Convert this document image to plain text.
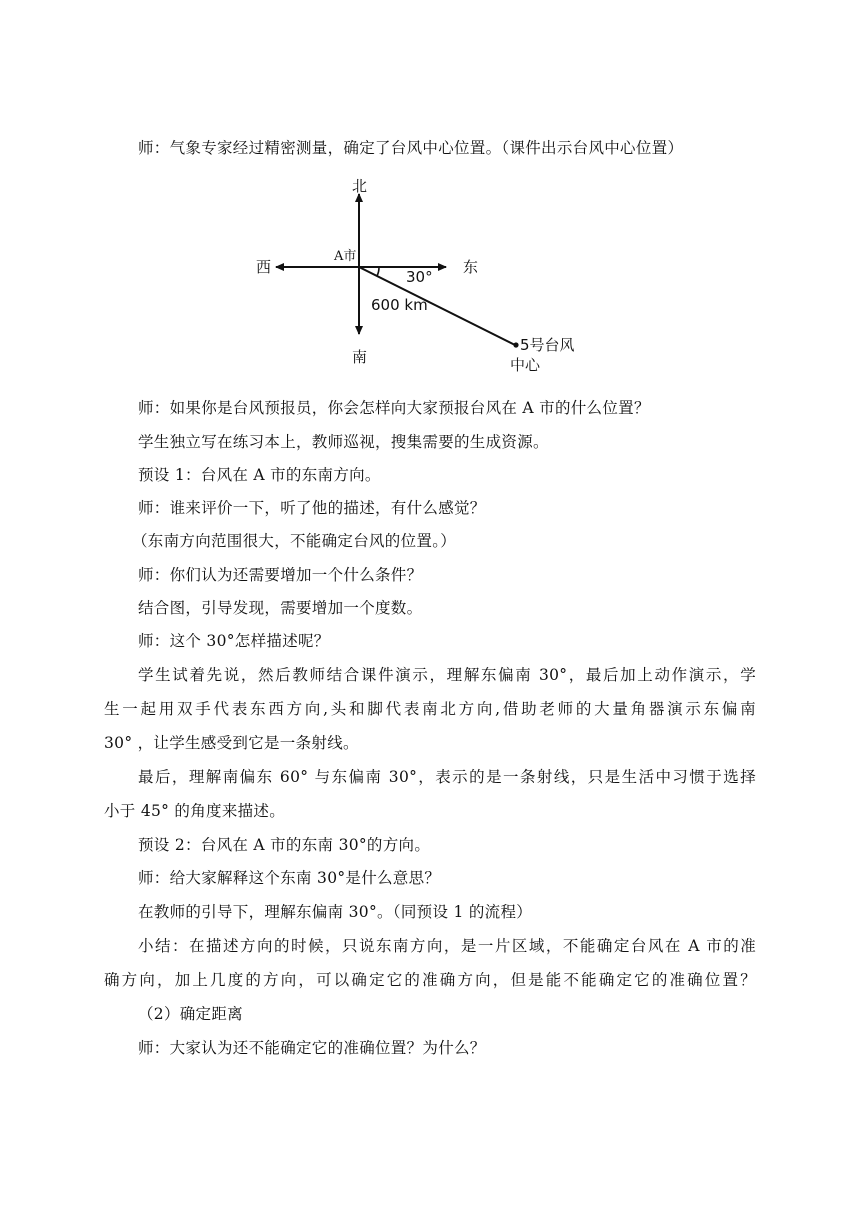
师：气象专家经过精密测量，确定了台风中心位置。（课件出示台风中心位置）
北
南
东
西
A市
30°
600 km
5号台风
中心
师：如果你是台风预报员，你会怎样向大家预报台风在 A 市的什么位置？
学生独立写在练习本上，教师巡视，搜集需要的生成资源。
预设 1：台风在 A 市的东南方向。
师：谁来评价一下，听了他的描述，有什么感觉？
（东南方向范围很大，不能确定台风的位置。）
师：你们认为还需要增加一个什么条件？
结合图，引导发现，需要增加一个度数。
师：这个 30°怎样描述呢？
学生试着先说，然后教师结合课件演示，理解东偏南 30°，最后加上动作演示，学
生一起用双手代表东西方向,头和脚代表南北方向,借助老师的大量角器演示东偏南
30° ，让学生感受到它是一条射线。
最后，理解南偏东 60° 与东偏南 30°，表示的是一条射线，只是生活中习惯于选择
小于 45° 的角度来描述。
预设 2：台风在 A 市的东南 30°的方向。
师：给大家解释这个东南 30°是什么意思？
在教师的引导下，理解东偏南 30°。（同预设 1 的流程）
小结：在描述方向的时候，只说东南方向，是一片区域，不能确定台风在 A 市的准
确方向，加上几度的方向，可以确定它的准确方向，但是能不能确定它的准确位置？
（2）确定距离
师：大家认为还不能确定它的准确位置？为什么？
